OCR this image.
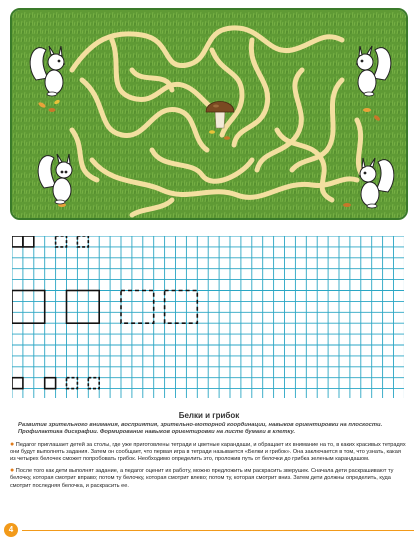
Белки и грибок
Развитие зрительного внимания, восприятия, зрительно-моторной координации, навыков ориентировки на плоскости. Профилактика дисграфии. Формирование навыков ориентировки на листе бумаги в клетку.
● Педагог приглашает детей за столы, где уже приготовлены тетради и цветные карандаши, и обращает их внимание на то, в каких красивых тетрадях они будут выполнять задания. Затем он сообщает, что первая игра в тетради называется «Белки и грибок». Она заключается в том, что узнать, какая из четырех белочек сможет попробовать грибок. Необходимо определить это, проложив путь от белочки до грибка зеленым карандашом.
● После того как дети выполнят задание, а педагог оценит их работу, можно предложить им раскрасить зверушек. Сначала дети раскрашивают ту белочку, которая смотрит вправо; потом ту белочку, которая смотрит влево; потом ту, которая смотрит вниз. Затем дети должны определить, куда смотрит последняя белочка, и раскрасить ее.
4
